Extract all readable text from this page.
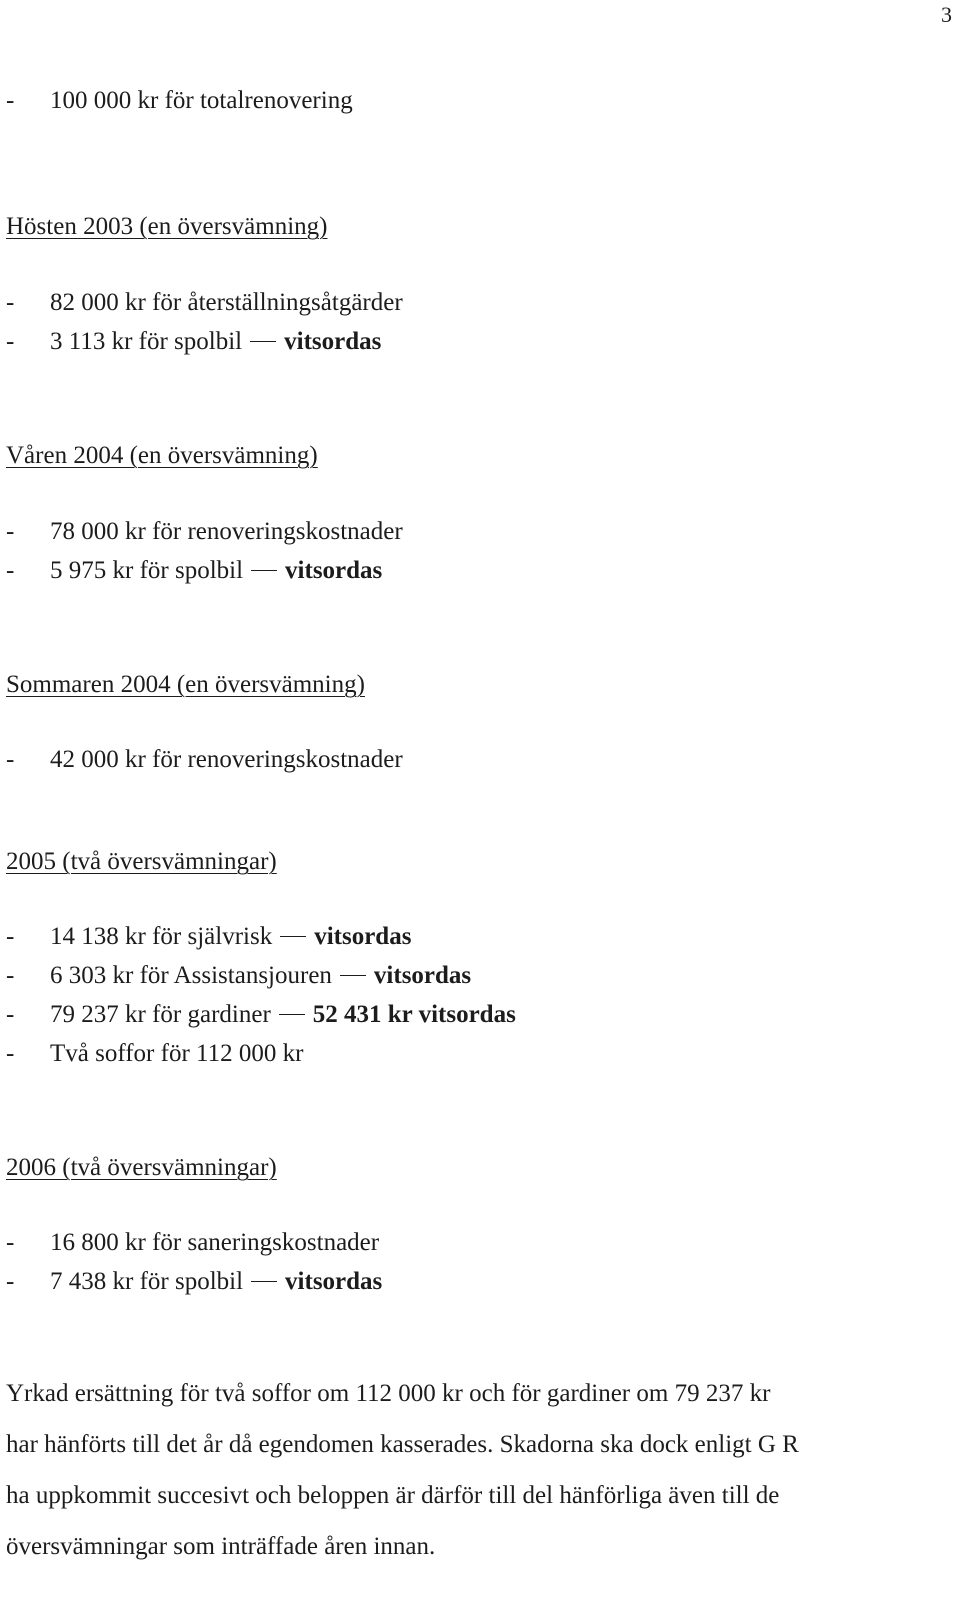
3
- 100 000 kr för totalrenovering
Hösten 2003 (en översvämning)
- 82 000 kr för återställningsåtgärder
- 3 113 kr för spolbil vitsordas
Våren 2004 (en översvämning)
- 78 000 kr för renoveringskostnader
- 5 975 kr för spolbil vitsordas
Sommaren 2004 (en översvämning)
- 42 000 kr för renoveringskostnader
2005 (två översvämningar)
- 14 138 kr för självrisk vitsordas
- 6 303 kr för Assistansjouren vitsordas
- 79 237 kr för gardiner 52 431 kr vitsordas
- Två soffor för 112 000 kr
2006 (två översvämningar)
- 16 800 kr för saneringskostnader
- 7 438 kr för spolbil vitsordas
Yrkad ersättning för två soffor om 112 000 kr och för gardiner om 79 237 kr
har hänförts till det år då egendomen kasserades. Skadorna ska dock enligt G R
ha uppkommit succesivt och beloppen är därför till del hänförliga även till de
översvämningar som inträffade åren innan.
